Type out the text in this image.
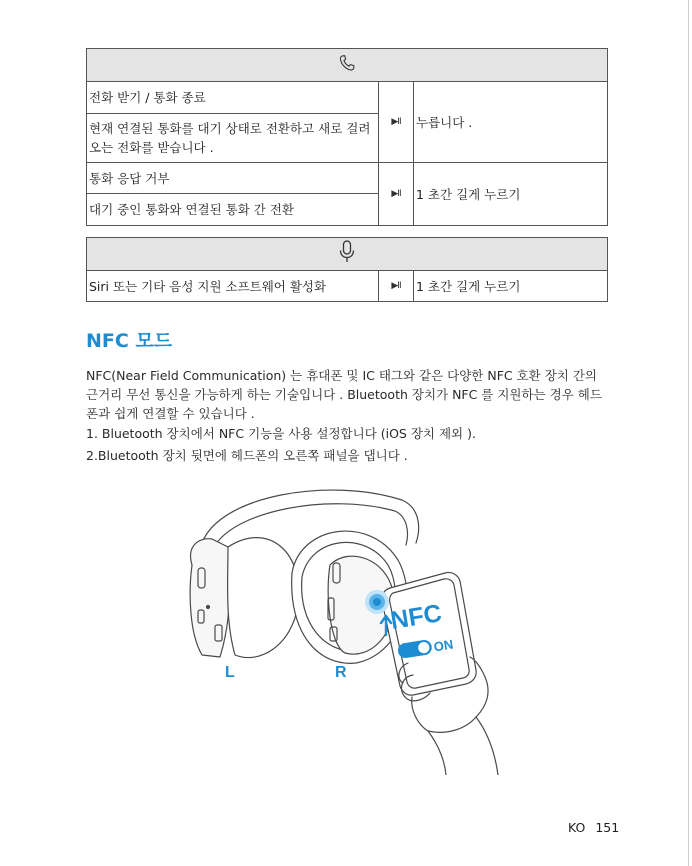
전화 받기 / 통화 종료	▶II	누릅니다 .
현재 연결된 통화를 대기 상태로 전환하고 새로 걸려오는 전화를 받습니다 .		
통화 응답 거부	▶II	1 초간 길게 누르기
대기 중인 통화와 연결된 통화 간 전환		

Siri 또는 기타 음성 지원 소프트웨어 활성화	▶II	1 초간 길게 누르기
NFC 모드
NFC(Near Field Communication) 는 휴대폰 및 IC 태그와 같은 다양한 NFC 호환 장치 간의 근거리 무선 통신을 가능하게 하는 기술입니다 . Bluetooth 장치가 NFC 를 지원하는 경우 헤드폰과 쉽게 연결할 수 있습니다 .
1. Bluetooth 장치에서 NFC 기능을 사용 설정합니다 (iOS 장치 제외 ).
2.Bluetooth 장치 뒷면에 헤드폰의 오른쪽 패널을 댑니다 .
NFC
ON
L	R
KO 151
